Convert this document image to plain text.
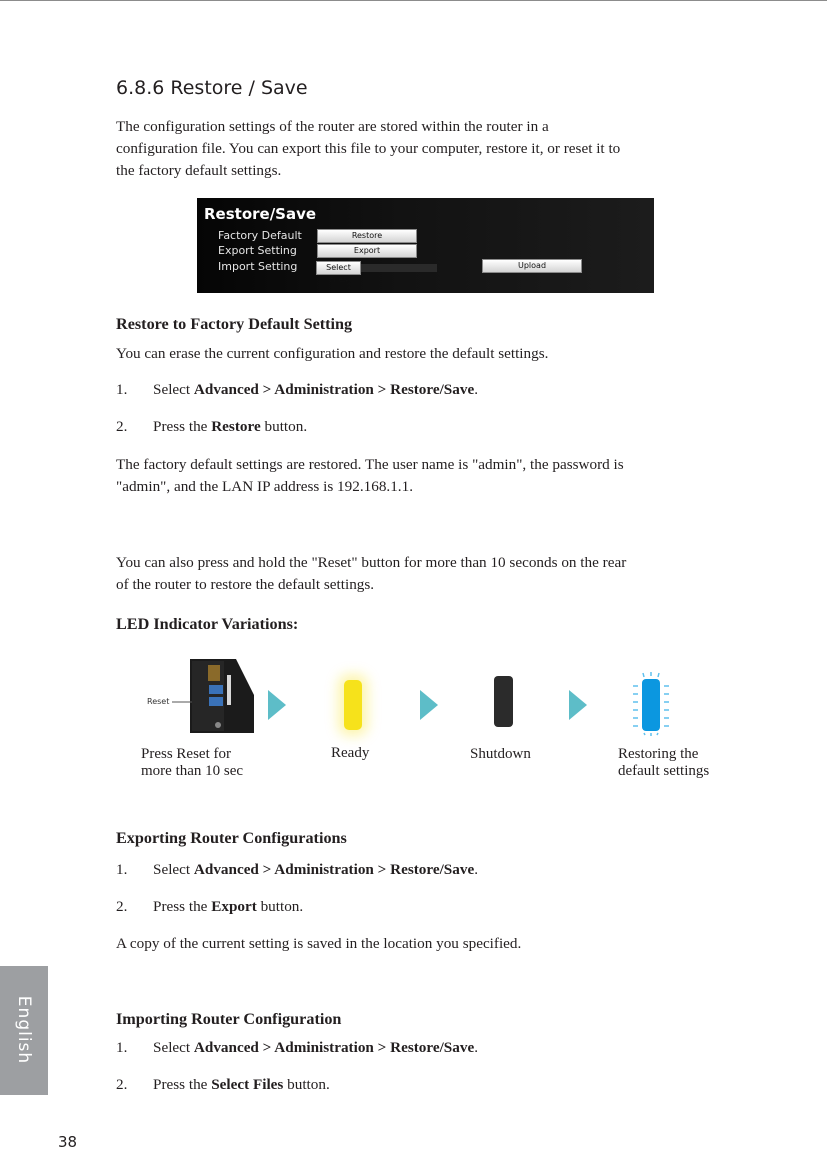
6.8.6 Restore / Save

The configuration settings of the router are stored within the router in a
configuration file. You can export this file to your computer, restore it, or reset it to
the factory default settings.

Restore/Save
Factory Default
Export Setting
Import Setting
Restore
Export
Select Files
Upload
Restore to Factory Default Setting

You can erase the current configuration and restore the default settings.

1. Select Advanced > Administration > Restore/Save.

2. Press the Restore button.

The factory default settings are restored. The user name is "admin", the password is
"admin", and the LAN IP address is 192.168.1.1.

You can also press and hold the "Reset" button for more than 10 seconds on the rear
of the router to restore the default settings.

LED Indicator Variations:
Reset
Press Reset for
more than 10 sec
Ready	Shutdown	Restoring the
default settings
Exporting Router Configurations

1. Select Advanced > Administration > Restore/Save.

2. Press the Export button.

A copy of the current setting is saved in the location you specified.

Importing Router Configuration

1. Select Advanced > Administration > Restore/Save.

2. Press the Select Files button.

English
38
